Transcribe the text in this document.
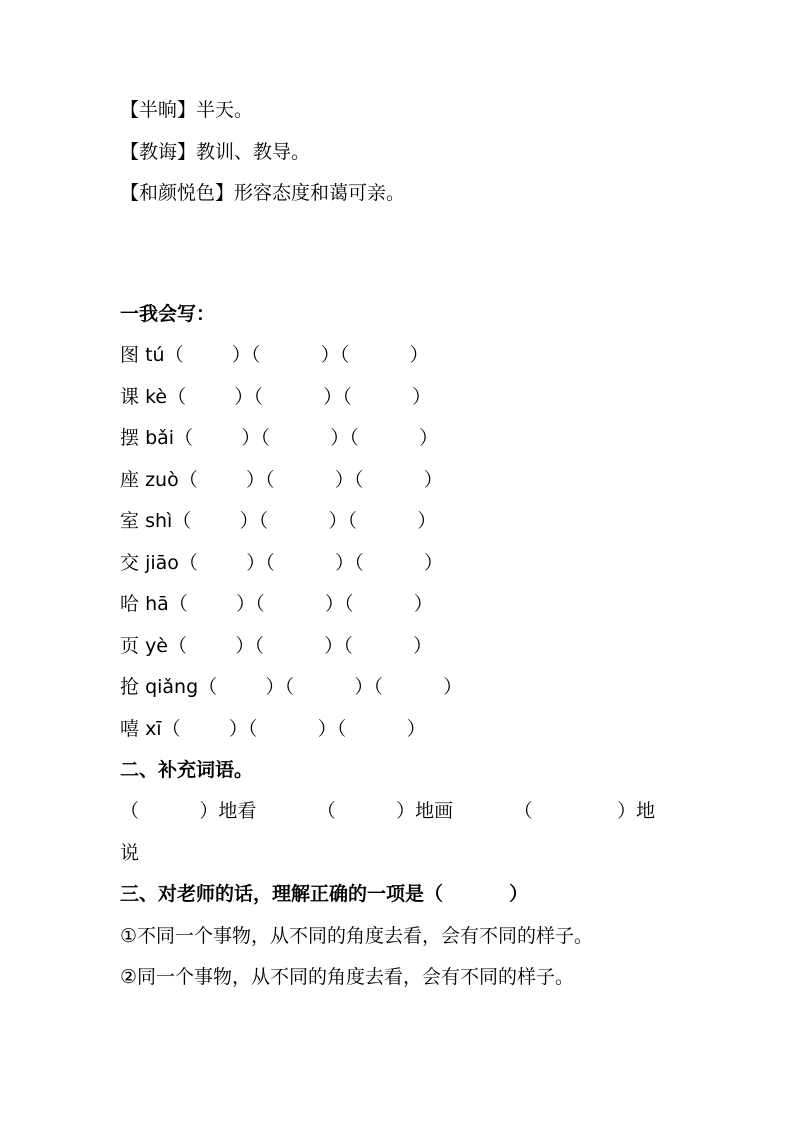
【半晌】半天。
【教诲】教训、教导。
【和颜悦色】形容态度和蔼可亲。
一我会写：
图 tú（        ）（          ）（          ）
课 kè（        ）（          ）（          ）
摆 bǎi（        ）（          ）（          ）
座 zuò（        ）（          ）（          ）
室 shì（        ）（          ）（          ）
交 jiāo（        ）（          ）（          ）
哈 hā（        ）（          ）（          ）
页 yè（        ）（          ）（          ）
抢 qiǎng（        ）（          ）（          ）
嘻 xī（        ）（          ）（          ）
二、补充词语。
（          ）地看          （          ）地画          （              ）地
说
三、对老师的话，理解正确的一项是（          ）
①不同一个事物，从不同的角度去看，会有不同的样子。
②同一个事物，从不同的角度去看，会有不同的样子。
